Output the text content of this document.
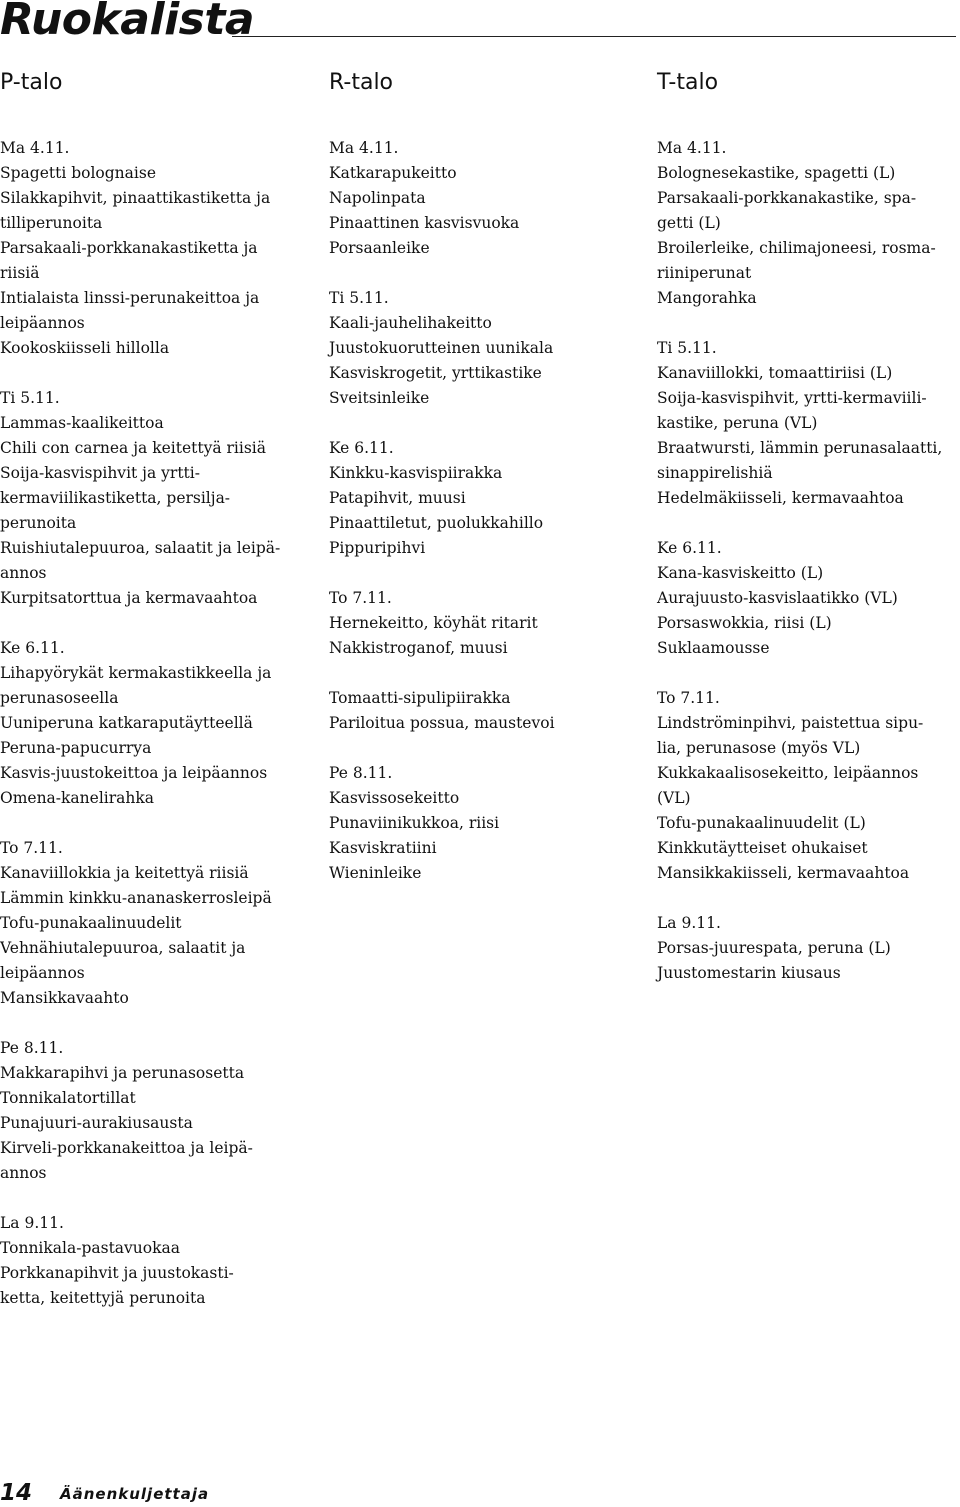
Ruokalista
P-talo	R-talo	T-talo
Ma 4.11.
Spagetti bolognaise
Silakkapihvit, pinaattikastiketta ja
tilliperunoita
Parsakaali-porkkanakastiketta ja
riisiä
Intialaista linssi-perunakeittoa ja
leipäannos
Kookoskiisseli hillolla
Ti 5.11.
Lammas-kaalikeittoa
Chili con carnea ja keitettyä riisiä
Soija-kasvispihvit ja yrtti-
kermaviilikastiketta, persilja-
perunoita
Ruishiutalepuuroa, salaatit ja leipä-
annos
Kurpitsatorttua ja kermavaahtoa
Ke 6.11.
Lihapyörykät kermakastikkeella ja
perunasoseella
Uuniperuna katkaraputäytteellä
Peruna-papucurrya
Kasvis-juustokeittoa ja leipäannos
Omena-kanelirahka
To 7.11.
Kanaviillokkia ja keitettyä riisiä
Lämmin kinkku-ananaskerrosleipä
Tofu-punakaalinuudelit
Vehnähiutalepuuroa, salaatit ja
leipäannos
Mansikkavaahto
Pe 8.11.
Makkarapihvi ja perunasosetta
Tonnikalatortillat
Punajuuri-aurakiusausta
Kirveli-porkkanakeittoa ja leipä-
annos
La 9.11.
Tonnikala-pastavuokaa
Porkkanapihvit ja juustokasti-
ketta, keitettyjä perunoita
Ma 4.11.
Katkarapukeitto
Napolinpata
Pinaattinen kasvisvuoka
Porsaanleike
Ti 5.11.
Kaali-jauhelihakeitto
Juustokuorutteinen uunikala
Kasviskrogetit, yrttikastike
Sveitsinleike
Ke 6.11.
Kinkku-kasvispiirakka
Patapihvit, muusi
Pinaattiletut, puolukkahillo
Pippuripihvi
To 7.11.
Hernekeitto, köyhät ritarit
Nakkistroganof, muusi
Tomaatti-sipulipiirakka
Pariloitua possua, maustevoi
Pe 8.11.
Kasvissosekeitto
Punaviinikukkoa, riisi
Kasviskratiini
Wieninleike
Ma 4.11.
Bolognesekastike, spagetti (L)
Parsakaali-porkkanakastike, spa-
getti (L)
Broilerleike, chilimajoneesi, rosma-
riiniperunat
Mangorahka
Ti 5.11.
Kanaviillokki, tomaattiriisi (L)
Soija-kasvispihvit, yrtti-kermaviili-
kastike, peruna (VL)
Braatwursti, lämmin perunasalaatti,
sinappirelishiä
Hedelmäkiisseli, kermavaahtoa
Ke 6.11.
Kana-kasviskeitto (L)
Aurajuusto-kasvislaatikko (VL)
Porsaswokkia, riisi (L)
Suklaamousse
To 7.11.
Lindströminpihvi, paistettua sipu-
lia, perunasose (myös VL)
Kukkakaalisosekeitto, leipäannos
(VL)
Tofu-punakaalinuudelit (L)
Kinkkutäytteiset ohukaiset
Mansikkakiisseli, kermavaahtoa
La 9.11.
Porsas-juurespata, peruna (L)
Juustomestarin kiusaus
14 Äänenkuljettaja
